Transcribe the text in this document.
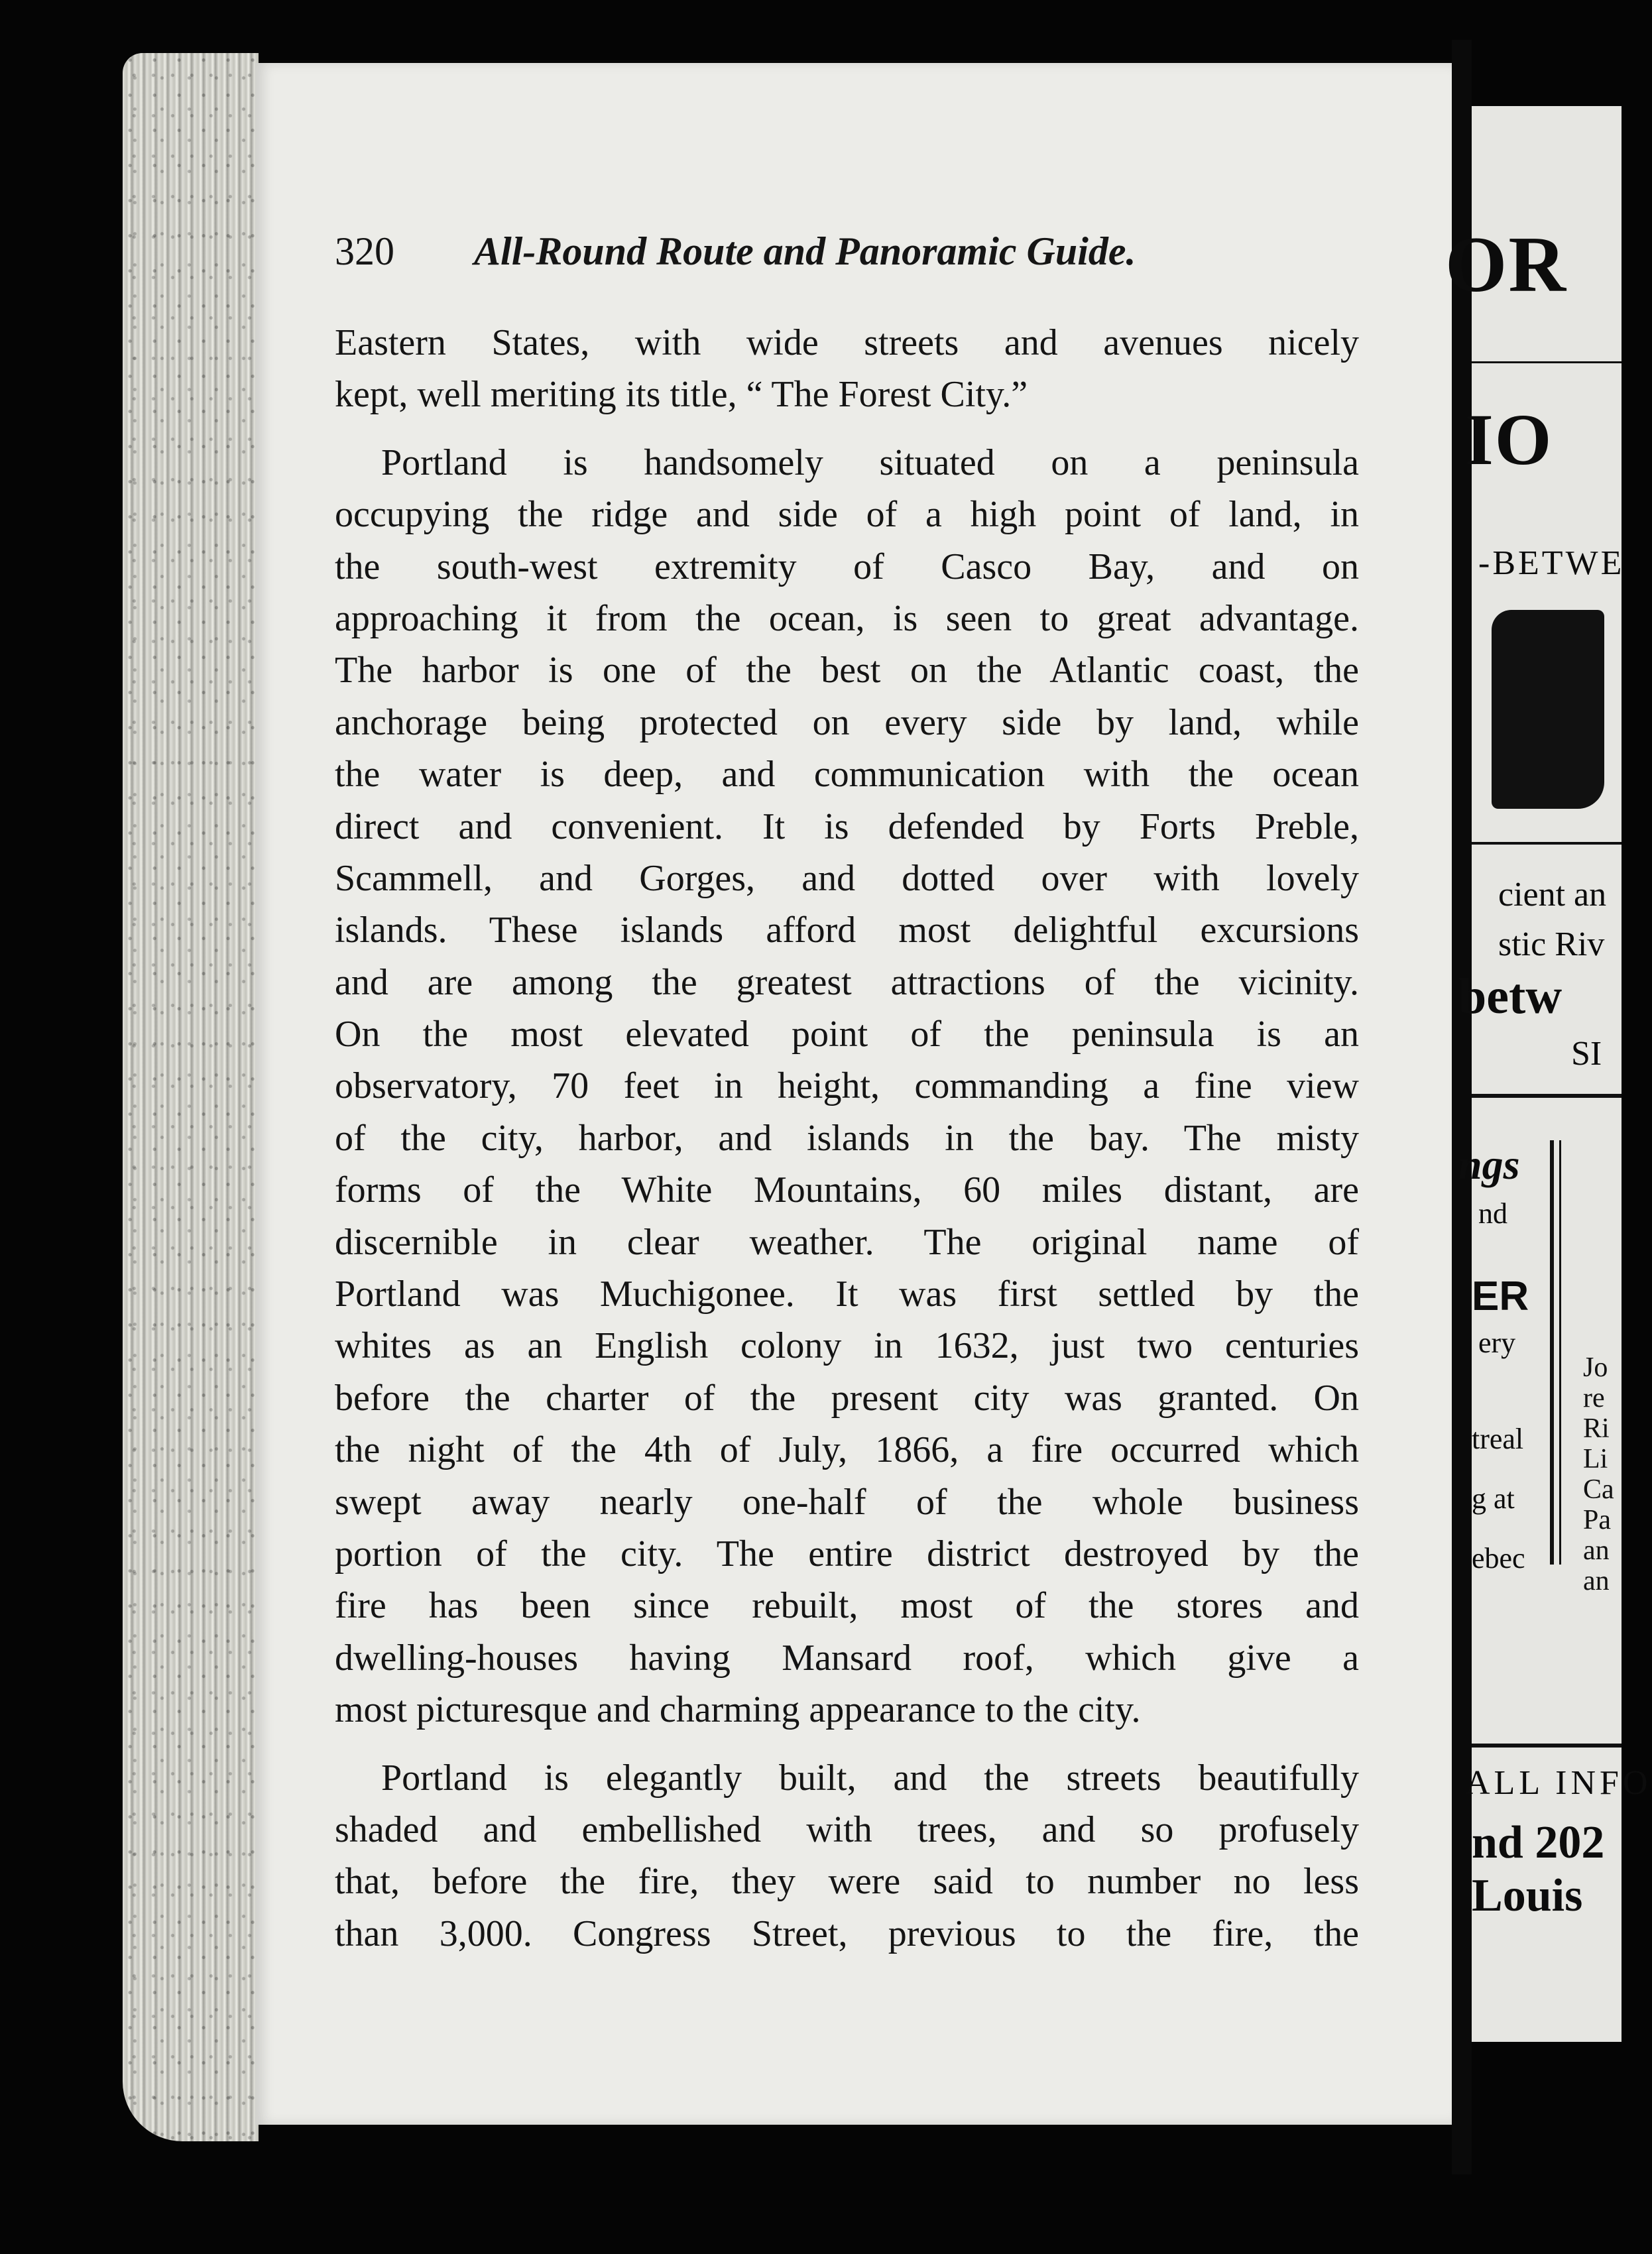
320 All-Round Route and Panoramic Guide.
Eastern States, with wide streets and avenues nicely
kept, well meriting its title, “ The Forest City.”
Portland is handsomely situated on a peninsula
occupying the ridge and side of a high point of land, in
the south-west extremity of Casco Bay, and on
approaching it from the ocean, is seen to great advantage.
The harbor is one of the best on the Atlantic coast, the
anchorage being protected on every side by land, while
the water is deep, and communication with the ocean
direct and convenient. It is defended by Forts Preble,
Scammell, and Gorges, and dotted over with lovely
islands. These islands afford most delightful excursions
and are among the greatest attractions of the vicinity.
On the most elevated point of the peninsula is an
observatory, 70 feet in height, commanding a fine view
of the city, harbor, and islands in the bay. The misty
forms of the White Mountains, 60 miles distant, are
discernible in clear weather. The original name of
Portland was Muchigonee. It was first settled by the
whites as an English colony in 1632, just two centuries
before the charter of the present city was granted. On
the night of the 4th of July, 1866, a fire occurred which
swept away nearly one-half of the whole business
portion of the city. The entire district destroyed by the
fire has been since rebuilt, most of the stores and
dwelling-houses having Mansard roof, which give a
most picturesque and charming appearance to the city.
Portland is elegantly built, and the streets beautifully
shaded and embellished with trees, and so profusely
that, before the fire, they were said to number no less
than 3,000. Congress Street, previous to the fire, the
OR
IO
-BETWE
cient an
stic Riv
betw
SI
ngs
nd
ER
ery
treal
g at
ebec
Jo
re
Ri
Li
Ca
Pa
an
an
ALL INFO
nd 202
Louis
